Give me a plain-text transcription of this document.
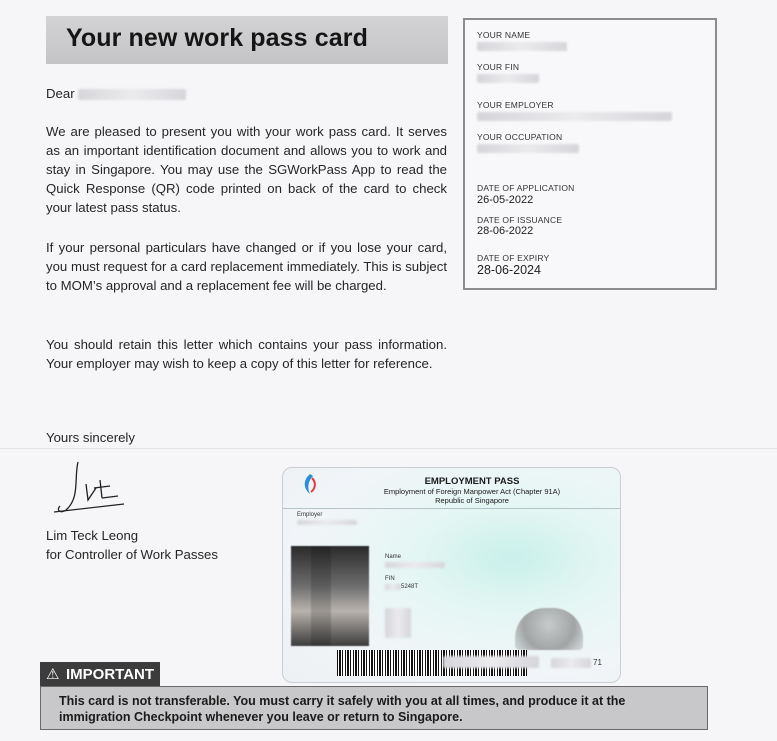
Your new work pass card
Dear

We are pleased to present you with your work pass card. It serves as an important identification document and allows you to work and stay in Singapore. You may use the SGWorkPass App to read the Quick Response (QR) code printed on back of the card to check your latest pass status.

If your personal particulars have changed or if you lose your card, you must request for a card replacement immediately. This is subject to MOM’s approval and a replacement fee will be charged.

You should retain this letter which contains your pass information. Your employer may wish to keep a copy of this letter for reference.

YOUR NAME
YOUR FIN
YOUR EMPLOYER
YOUR OCCUPATION
DATE OF APPLICATION
26-05-2022
DATE OF ISSUANCE
28-06-2022
DATE OF EXPIRY
28-06-2024
Yours sincerely
Lim Teck Leong
for Controller of Work Passes
EMPLOYMENT PASS
Employment of Foreign Manpower Act (Chapter 91A)
Republic of Singapore
Employer
Name
FIN
5248T
71
⚠ IMPORTANT
This card is not transferable. You must carry it safely with you at all times, and produce it at the immigration Checkpoint whenever you leave or return to Singapore.
